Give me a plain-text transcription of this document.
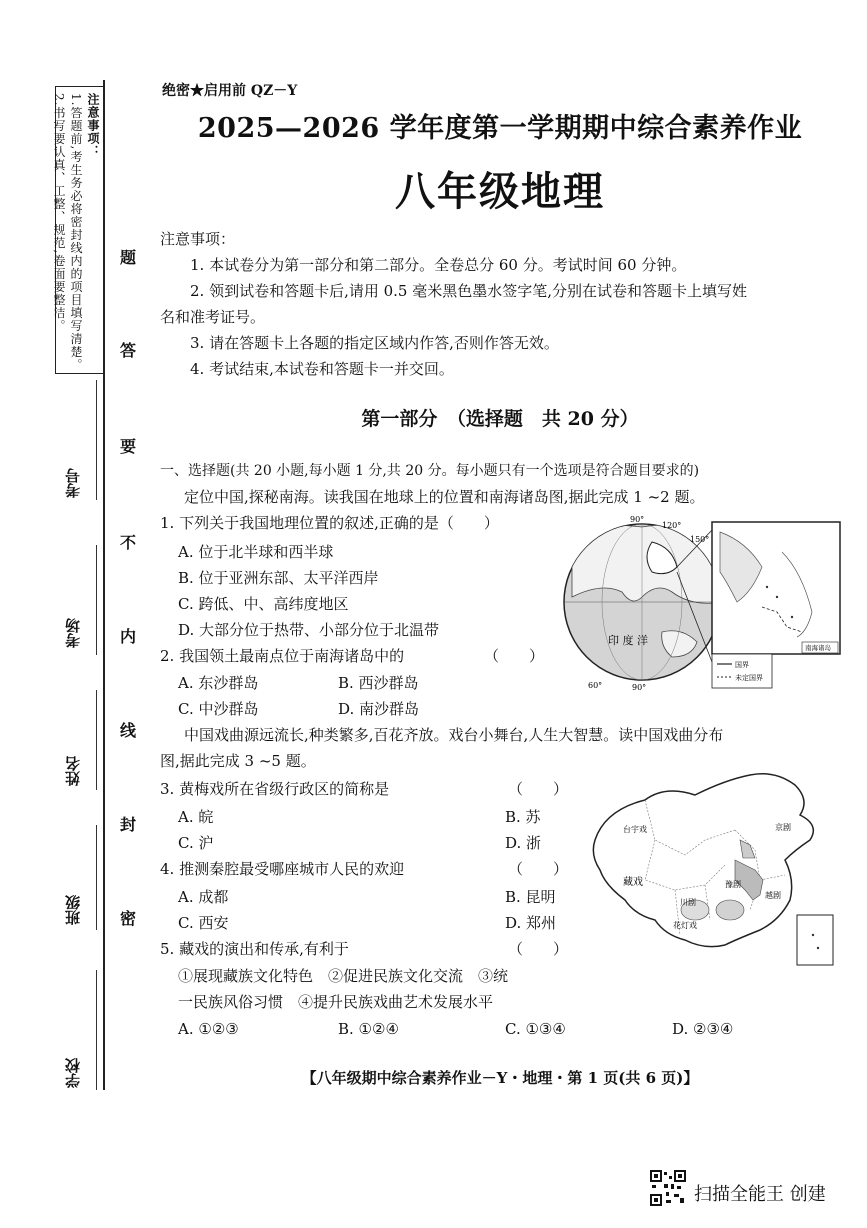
注意事项：

1.答题前,考生务必将密封线内的项目填写清楚。

2.书写要认真、工整、规范,卷面要整洁。

考号
考场
姓名
班级
学校
题
答
要
不
内
线
封
密
绝密★启用前 QZ－Y
2025—2026 学年度第一学期期中综合素养作业
八年级地理
注意事项：
1. 本试卷分为第一部分和第二部分。全卷总分 60 分。考试时间 60 分钟。
2. 领到试卷和答题卡后,请用 0.5 毫米黑色墨水签字笔,分别在试卷和答题卡上填写姓
名和准考证号。
3. 请在答题卡上各题的指定区域内作答,否则作答无效。
4. 考试结束,本试卷和答题卡一并交回。
第一部分　（选择题　共 20 分）
一、选择题(共 20 小题,每小题 1 分,共 20 分。每小题只有一个选项是符合题目要求的)
定位中国,探秘南海。读我国在地球上的位置和南海诸岛图,据此完成 1 ~2 题。
1. 下列关于我国地理位置的叙述,正确的是（　　）
A. 位于北半球和西半球
B. 位于亚洲东部、太平洋西岸
C. 跨低、中、高纬度地区
D. 大部分位于热带、小部分位于北温带
2. 我国领土最南点位于南海诸岛中的	（　　）
A. 东沙群岛	B. 西沙群岛
C. 中沙群岛	D. 南沙群岛
90°
120°
150°
60°	90°
印 度 洋
南海诸岛
国界
未定国界
中国戏曲源远流长,种类繁多,百花齐放。戏台小舞台,人生大智慧。读中国戏曲分布
图,据此完成 3 ~5 题。
3. 黄梅戏所在省级行政区的简称是	（　　）
A. 皖	B. 苏
C. 沪	D. 浙
4. 推测秦腔最受哪座城市人民的欢迎	（　　）
A. 成都	B. 昆明
C. 西安	D. 郑州
5. 藏戏的演出和传承,有利于	（　　）
①展现藏族文化特色　②促进民族文化交流　③统
一民族风俗习惯　④提升民族戏曲艺术发展水平
A. ①②③	B. ①②④	C. ①③④	D. ②③④
台宇戏
藏戏	豫剧
川剧
越剧
京剧
花灯戏
【八年级期中综合素养作业－Y・地理・第 1 页(共 6 页)】
扫描全能王 创建
